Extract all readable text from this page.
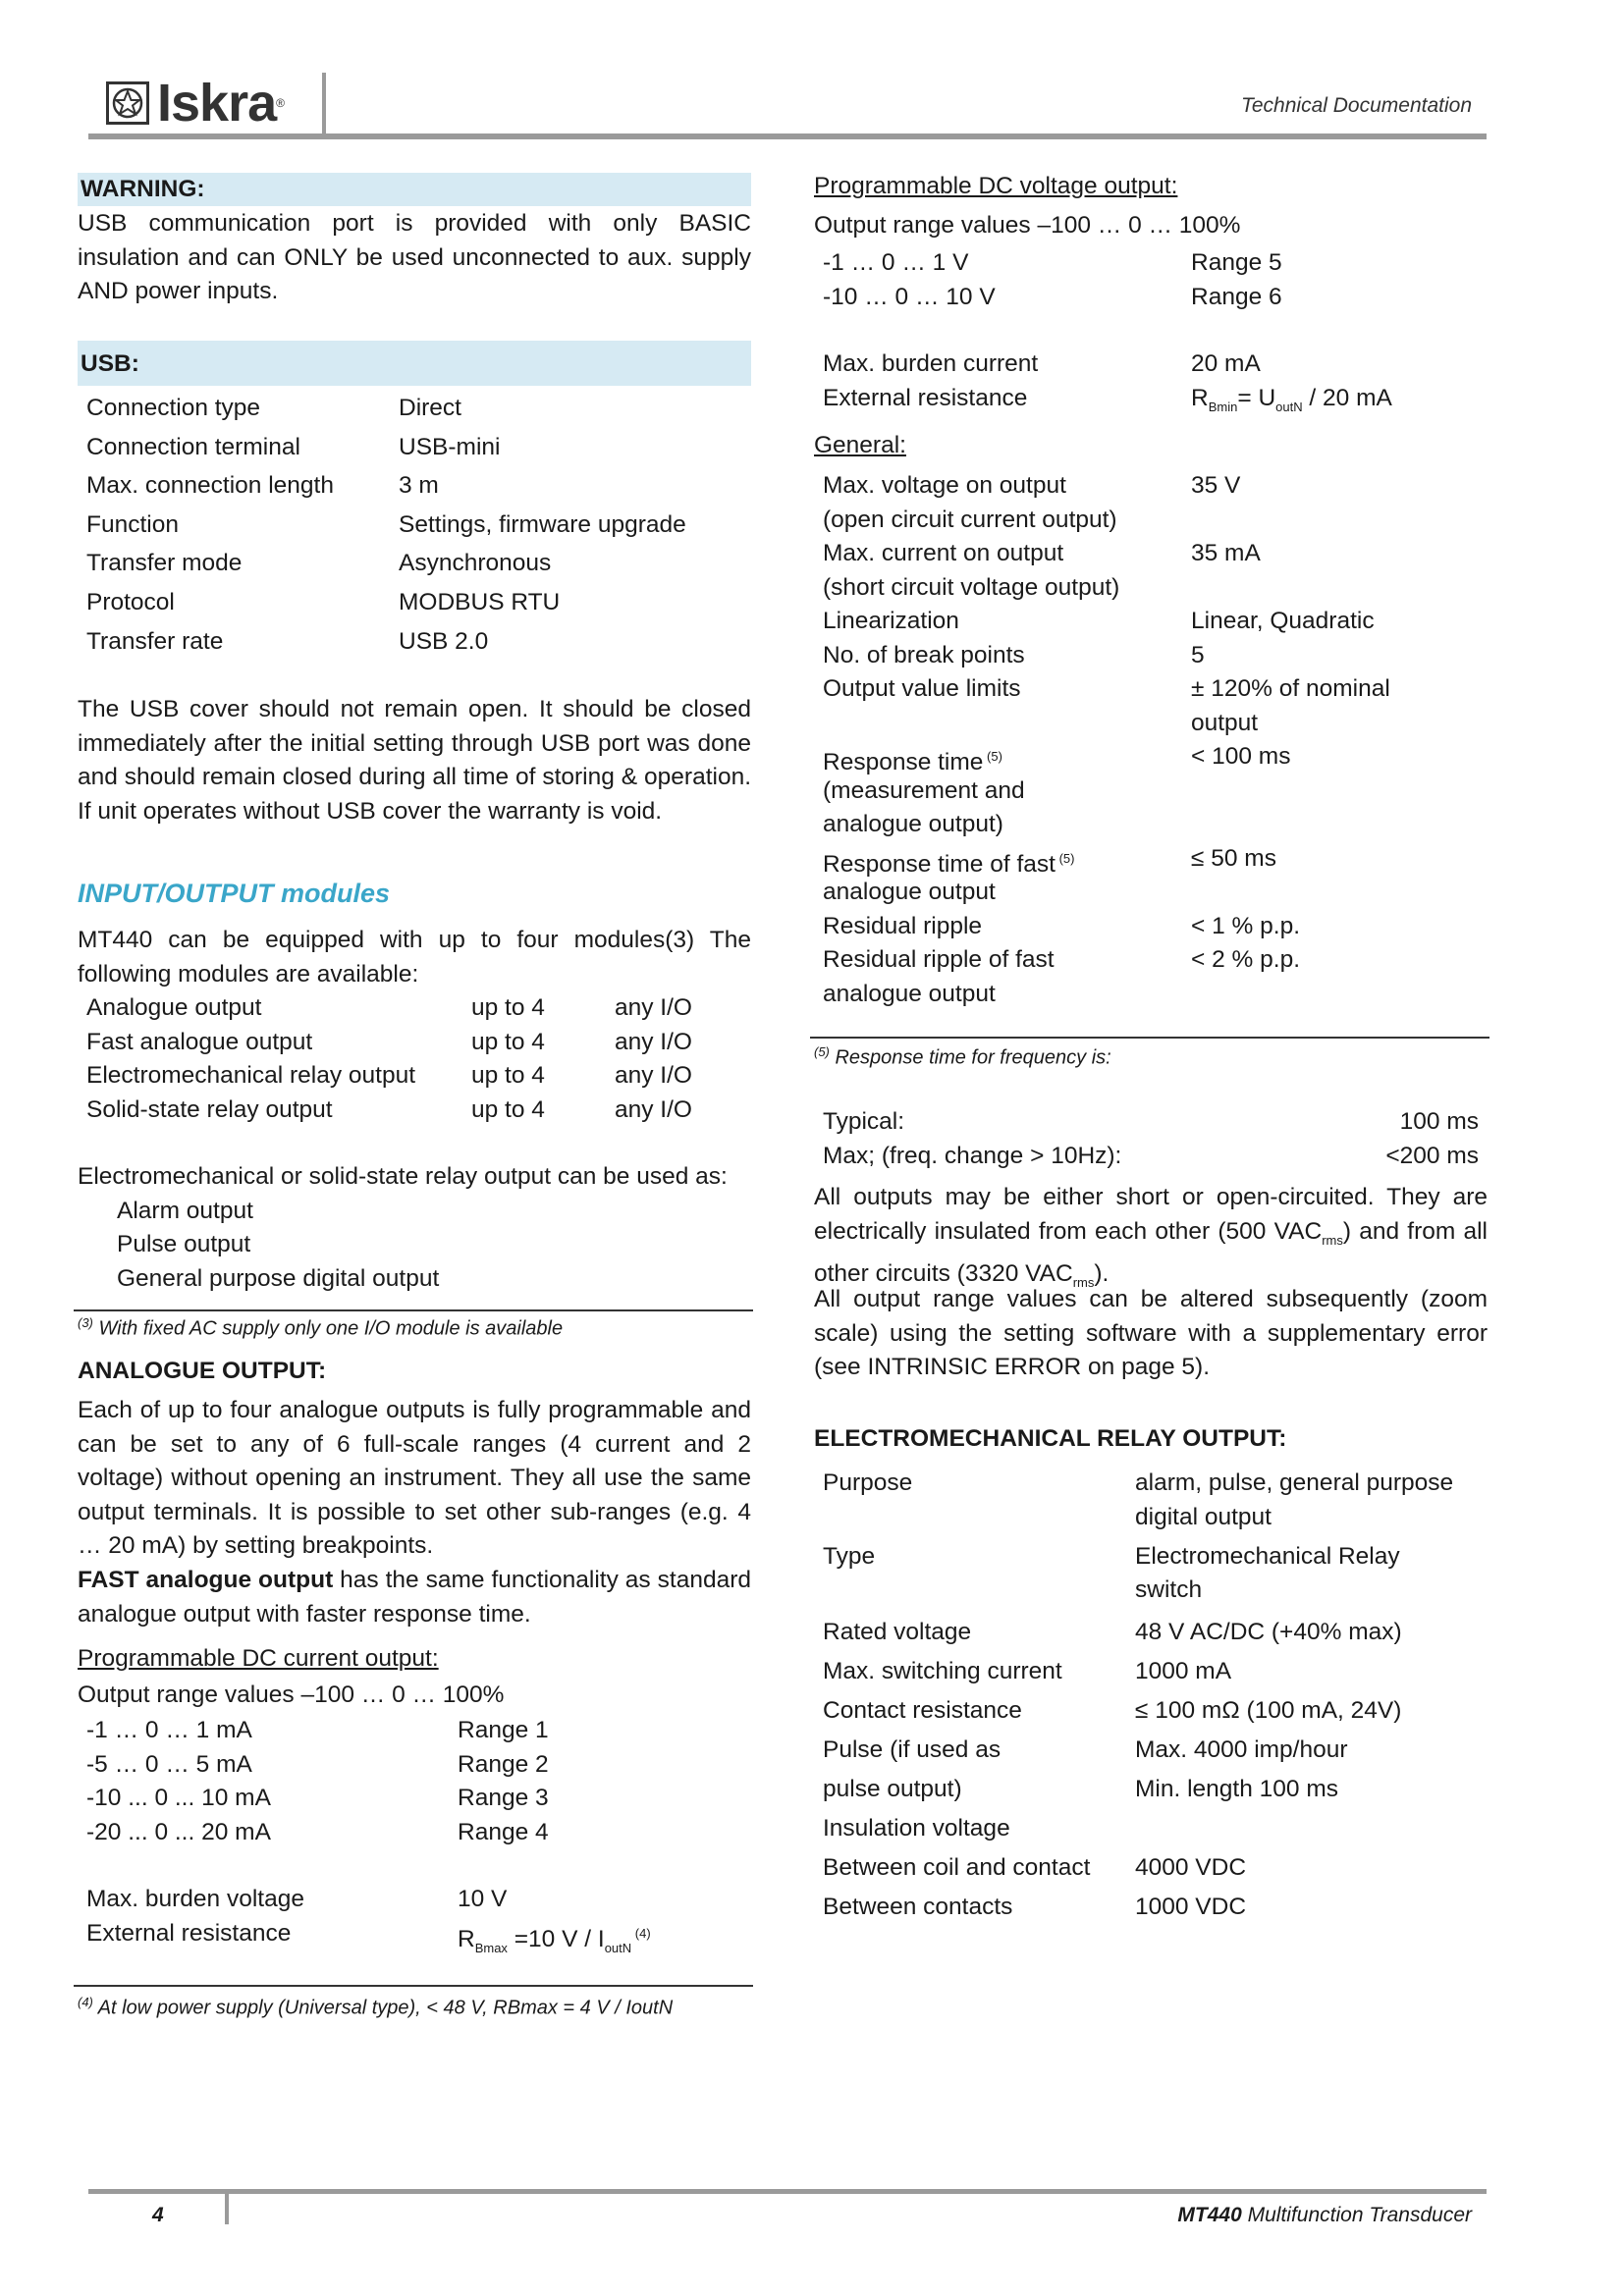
Iskra ®	Technical Documentation
WARNING:
USB communication port is provided with only BASIC insulation and can ONLY be used unconnected to aux. supply AND power inputs.
USB:
Connection type	Direct
Connection terminal	USB-mini
Max. connection length	3 m
Function	Settings, firmware upgrade
Transfer mode	Asynchronous
Protocol	MODBUS RTU
Transfer rate	USB 2.0
The USB cover should not remain open. It should be closed immediately after the initial setting through USB port was done and should remain closed during all time of storing & operation. If unit operates without USB cover the warranty is void.
INPUT/OUTPUT modules
MT440 can be equipped with up to four modules(3) The following modules are available:
Analogue output	up to 4	any I/O
Fast analogue output	up to 4	any I/O
Electromechanical relay output	up to 4	any I/O
Solid-state relay output	up to 4	any I/O
Electromechanical or solid-state relay output can be used as:
Alarm output
Pulse output
General purpose digital output
$^{(3)}$ With fixed AC supply only one I/O module is available
ANALOGUE OUTPUT:
Each of up to four analogue outputs is fully programmable and can be set to any of 6 full-scale ranges (4 current and 2 voltage) without opening an instrument. They all use the same output terminals. It is possible to set other sub-ranges (e.g. 4 … 20 mA) by setting breakpoints.
FAST analogue output has the same functionality as standard analogue output with faster response time.
Programmable DC current output:
Output range values –100 … 0 … 100%
-1 … 0 … 1 mA	Range 1
-5 … 0 … 5 mA	Range 2
-10 ... 0 ... 10 mA	Range 3
-20 ... 0 ... 20 mA	Range 4
Max. burden voltage	10 V
External resistance	$R_{Bmax} =10$ V / $I_{outN}$ $^{(4)}$
$^{(4)}$ At low power supply (Universal type), < 48 V, RBmax = 4 V / IoutN
Programmable DC voltage output:
Output range values –100 … 0 … 100%
-1 … 0 … 1 V	Range 5
-10 … 0 … 10 V	Range 6
Max. burden current	20 mA
External resistance	$R_{Bmin}= U_{outN} / 20$ mA
General:
Max. voltage on output	35 V
(open circuit current output)
Max. current on output	35 mA
(short circuit voltage output)
Linearization	Linear, Quadratic
No. of break points	5
Output value limits	± 120% of nominal
output
Response time $^{(5)}$	< 100 ms
(measurement and
analogue output)
Response time of fast $^{(5)}$	≤ 50 ms
analogue output
Residual ripple	< 1 % p.p.
Residual ripple of fast	< 2 % p.p.
analogue output
$^{(5)}$ Response time for frequency is:
Typical:	100 ms
Max; (freq. change > 10Hz):	<200 ms
All outputs may be either short or open-circuited. They are electrically insulated from each other (500 $VAC_{rms}$) and from all other circuits (3320 $VAC_{rms}$).
All output range values can be altered subsequently (zoom scale) using the setting software with a supplementary error (see INTRINSIC ERROR on page 5).
ELECTROMECHANICAL RELAY OUTPUT:
Purpose	alarm, pulse, general purpose
digital output
Type	Electromechanical Relay
switch
Rated voltage	48 V AC/DC (+40% max)
Max. switching current	1000 mA
Contact resistance	≤ 100 mΩ (100 mA, 24V)
Pulse (if used as	Max. 4000 imp/hour
pulse output)	Min. length 100 ms
Insulation voltage
Between coil and contact	4000 VDC
Between contacts	1000 VDC
4	MT440 Multifunction Transducer
